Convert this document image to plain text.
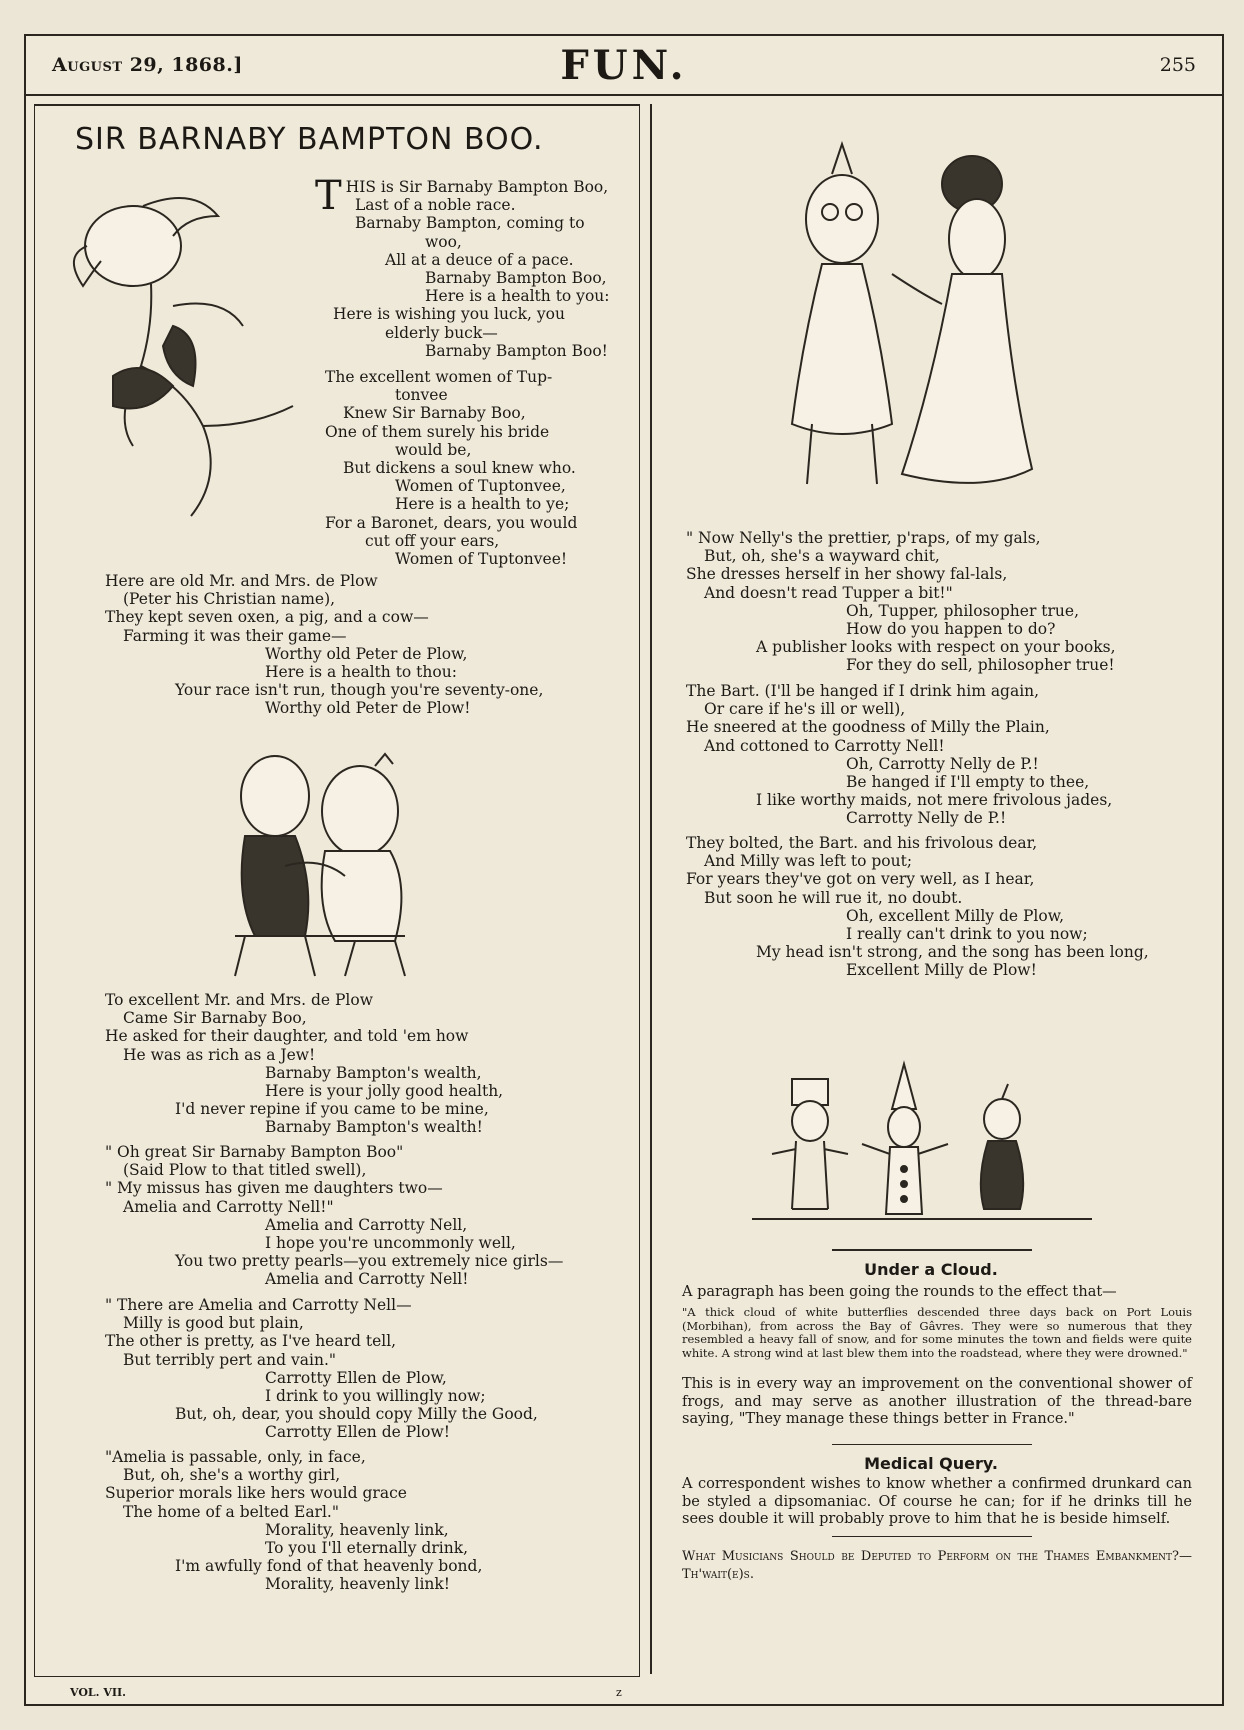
August 29, 1868.]	FUN.	255
SIR BARNABY BAMPTON BOO.
THIS is Sir Barnaby Bampton Boo,
Last of a noble race.
Barnaby Bampton, coming to
woo,
All at a deuce of a pace.
Barnaby Bampton Boo,
Here is a health to you:
Here is wishing you luck, you
elderly buck—
Barnaby Bampton Boo!
The excellent women of Tup-
tonvee
Knew Sir Barnaby Boo,
One of them surely his bride
would be,
But dickens a soul knew who.
Women of Tuptonvee,
Here is a health to ye;
For a Baronet, dears, you would
cut off your ears,
Women of Tuptonvee!
Here are old Mr. and Mrs. de Plow
(Peter his Christian name),
They kept seven oxen, a pig, and a cow—
Farming it was their game—
Worthy old Peter de Plow,
Here is a health to thou:
Your race isn't run, though you're seventy-one,
Worthy old Peter de Plow!
To excellent Mr. and Mrs. de Plow
Came Sir Barnaby Boo,
He asked for their daughter, and told 'em how
He was as rich as a Jew!
Barnaby Bampton's wealth,
Here is your jolly good health,
I'd never repine if you came to be mine,
Barnaby Bampton's wealth!
" Oh great Sir Barnaby Bampton Boo"
(Said Plow to that titled swell),
" My missus has given me daughters two—
Amelia and Carrotty Nell!"
Amelia and Carrotty Nell,
I hope you're uncommonly well,
You two pretty pearls—you extremely nice girls—
Amelia and Carrotty Nell!
" There are Amelia and Carrotty Nell—
Milly is good but plain,
The other is pretty, as I've heard tell,
But terribly pert and vain."
Carrotty Ellen de Plow,
I drink to you willingly now;
But, oh, dear, you should copy Milly the Good,
Carrotty Ellen de Plow!
"Amelia is passable, only, in face,
But, oh, she's a worthy girl,
Superior morals like hers would grace
The home of a belted Earl."
Morality, heavenly link,
To you I'll eternally drink,
I'm awfully fond of that heavenly bond,
Morality, heavenly link!
" Now Nelly's the prettier, p'raps, of my gals,
But, oh, she's a wayward chit,
She dresses herself in her showy fal-lals,
And doesn't read Tupper a bit!"
Oh, Tupper, philosopher true,
How do you happen to do?
A publisher looks with respect on your books,
For they do sell, philosopher true!
The Bart. (I'll be hanged if I drink him again,
Or care if he's ill or well),
He sneered at the goodness of Milly the Plain,
And cottoned to Carrotty Nell!
Oh, Carrotty Nelly de P.!
Be hanged if I'll empty to thee,
I like worthy maids, not mere frivolous jades,
Carrotty Nelly de P.!
They bolted, the Bart. and his frivolous dear,
And Milly was left to pout;
For years they've got on very well, as I hear,
But soon he will rue it, no doubt.
Oh, excellent Milly de Plow,
I really can't drink to you now;
My head isn't strong, and the song has been long,
Excellent Milly de Plow!
Under a Cloud.
A paragraph has been going the rounds to the effect that—
"A thick cloud of white butterflies descended three days back on Port Louis (Morbihan), from across the Bay of Gâvres. They were so numerous that they resembled a heavy fall of snow, and for some minutes the town and fields were quite white. A strong wind at last blew them into the roadstead, where they were drowned."
This is in every way an improvement on the conventional shower of frogs, and may serve as another illustration of the thread-bare saying, "They manage these things better in France."
Medical Query.
A correspondent wishes to know whether a confirmed drunkard can be styled a dipsomaniac. Of course he can; for if he drinks till he sees double it will probably prove to him that he is beside himself.
What Musicians Should be Deputed to Perform on the Thames Embankment?—Th'wait(e)s.
VOL. VII.	z
